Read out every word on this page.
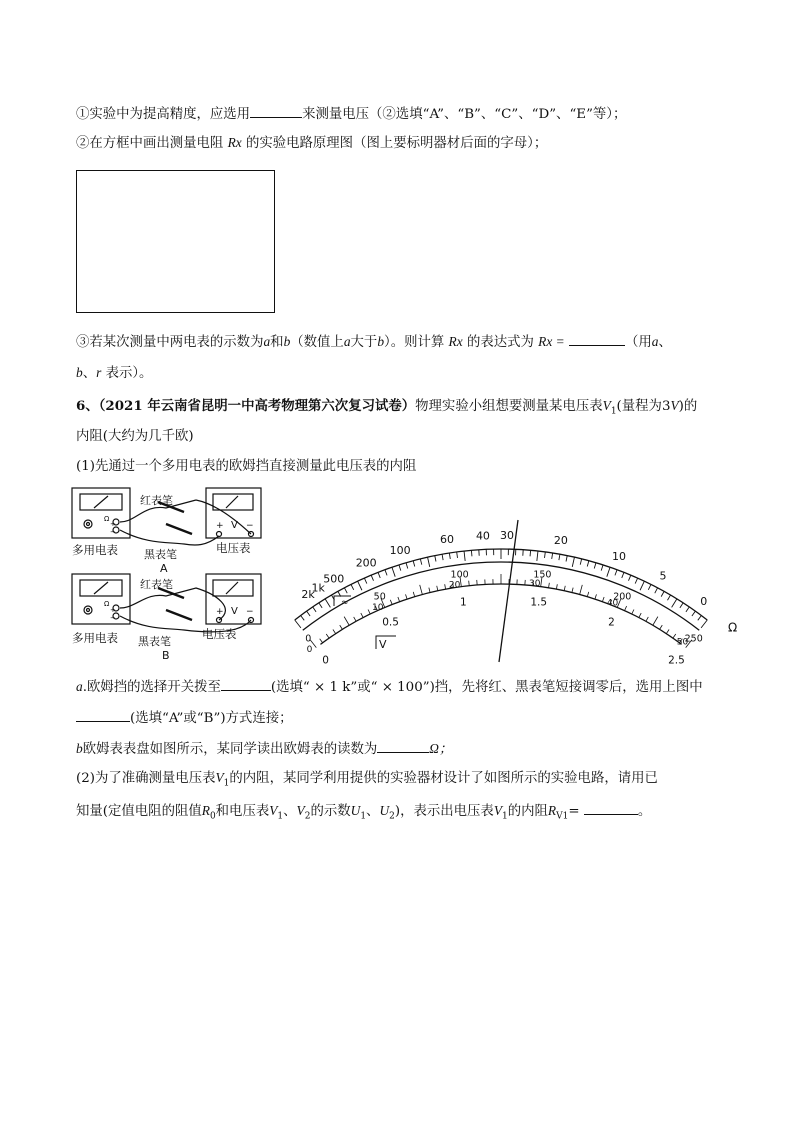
①实验中为提高精度，应选用	来测量电压（②选填“A”、“B”、“C”、“D”、“E”等）；
②在方框中画出测量电阻 Rx 的实验电路原理图（图上要标明器材后面的字母）；
③若某次测量中两电表的示数为a和b（数值上a大于b）。则计算 Rx 的表达式为 Rx =	（用a、
b、r 表示）。
6、（2021 年云南省昆明一中高考物理第六次复习试卷）物理实验小组想要测量某电压表$V_1$(量程为3V)的
内阻(大约为几千欧)
(1)先通过一个多用电表的欧姆挡直接测量此电压表的内阻
红表笔
多用电表 黑表笔
A
电压表
+ V −
Ω
+
−
红表笔
多用电表 黑表笔
B
电压表
+ V −
Ω
+
−
2k
1k
500
200
100
60 40 30	20
10
5
0
0
50
100	150
200
250
0
10
20	30
40
50
0
0.5
1	1.5
2
2.5
Ω
≈
V
a.欧姆挡的选择开关拨至	(选填“ × 1 k”或“ × 100”)挡，先将红、黑表笔短接调零后，选用上图中
(选填“A”或“B”)方式连接；
b欧姆表表盘如图所示，某同学读出欧姆表的读数为	Ω；
(2)为了准确测量电压表$V_1$的内阻，某同学利用提供的实验器材设计了如图所示的实验电路，请用已
知量(定值电阻的阻值$R_0$和电压表$V_1$、$V_2$的示数$U_1$、$U_2$)，表示出电压表$V_1$的内阻$R_{V1}=$	。
